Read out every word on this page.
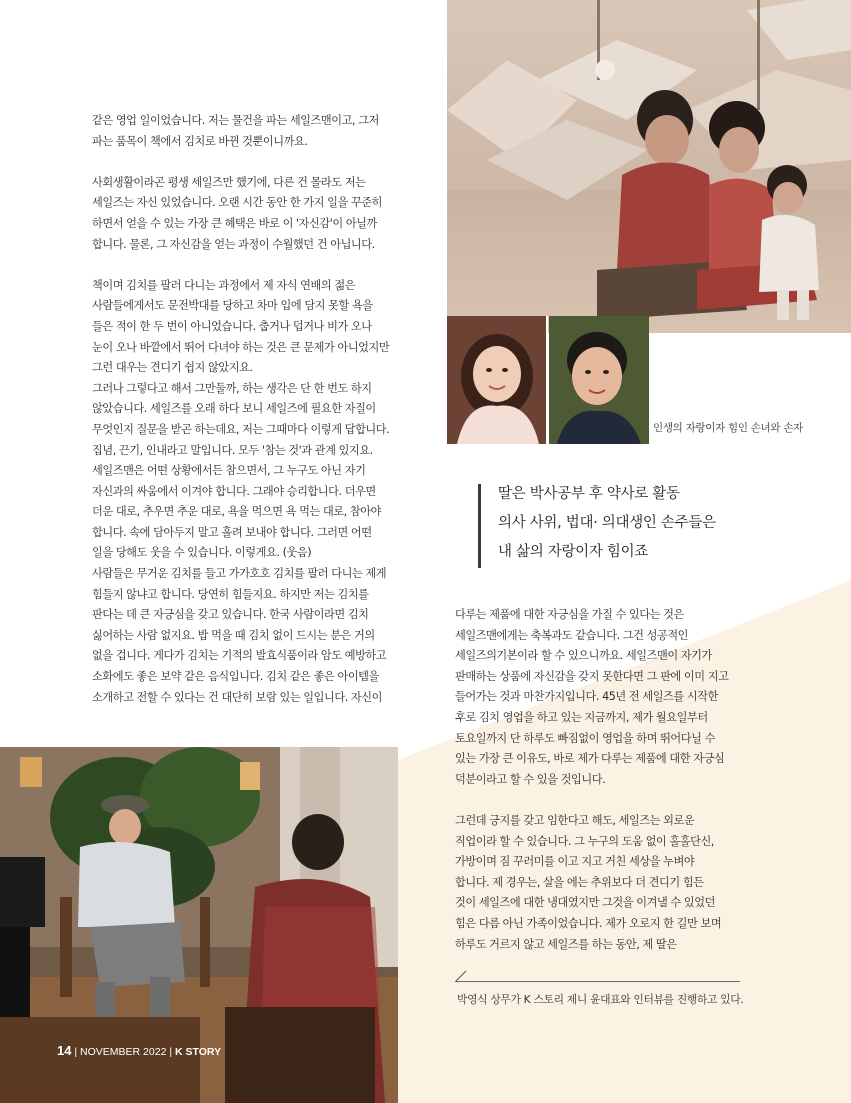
같은 영업 일이었습니다. 저는 물건을 파는 세일즈맨이고, 그저
파는 품목이 책에서 김치로 바뀐 것뿐이니까요.

사회생활이라곤 평생 세일즈만 했기에, 다른 건 몰라도 저는
세일즈는 자신 있었습니다. 오랜 시간 동안 한 가지 일을 꾸준히
하면서 얻을 수 있는 가장 큰 혜택은 바로 이 '자신감'이 아닐까
합니다. 물론, 그 자신감을 얻는 과정이 수월했던 건 아닙니다.

책이며 김치를 팔러 다니는 과정에서 제 자식 연배의 젊은
사람들에게서도 문전박대를 당하고 차마 입에 담지 못할 욕을
들은 적이 한 두 번이 아니었습니다. 춥거나 덥거나 비가 오나
눈이 오나 바깥에서 뛰어 다녀야 하는 것은 큰 문제가 아니었지만
그런 대우는 견디기 쉽지 않았지요.
그러나 그렇다고 해서 그만둘까, 하는 생각은 단 한 번도 하지
않았습니다. 세일즈를 오래 하다 보니 세일즈에 필요한 자질이
무엇인지 질문을 받곤 하는데요, 저는 그때마다 이렇게 답합니다.
집념, 끈기, 인내라고 말입니다. 모두 '참는 것'과 관계 있지요.
세일즈맨은 어떤 상황에서든 참으면서, 그 누구도 아닌 자기
자신과의 싸움에서 이겨야 합니다. 그래야 승리합니다. 더우면
더운 대로, 추우면 추운 대로, 욕을 먹으면 욕 먹는 대로, 참아야
합니다. 속에 담아두지 말고 흘려 보내야 합니다. 그러면 어떤
일을 당해도 웃을 수 있습니다. 이렇게요. (웃음)
사람들은 무거운 김치를 들고 가가호호 김치를 팔러 다니는 제게
힘들지 않냐고 합니다. 당연히 힘들지요. 하지만 저는 김치를
판다는 데 큰 자긍심을 갖고 있습니다. 한국 사람이라면 김치
싫어하는 사람 없지요. 밥 먹을 때 김치 없이 드시는 분은 거의
없을 겁니다. 게다가 김치는 기적의 발효식품이라 암도 예방하고
소화에도 좋은 보약 같은 음식입니다. 김치 같은 좋은 아이템을
소개하고 전할 수 있다는 건 대단히 보람 있는 일입니다. 자신이

인생의 자랑이자 힘인 손녀와 손자
딸은 박사공부 후 약사로 활동
의사 사위, 법대· 의대생인 손주들은
내 삶의 자랑이자 힘이죠

다루는 제품에 대한 자긍심을 가질 수 있다는 것은
세일즈맨에게는 축복과도 같습니다. 그건 성공적인
세일즈의기본이라 할 수 있으니까요. 세일즈맨이 자기가
판매하는 상품에 자신감을 갖지 못한다면 그 판에 이미 지고
들어가는 것과 마찬가지입니다. 45년 전 세일즈를 시작한
후로 김치 영업을 하고 있는 지금까지, 제가 월요일부터
토요일까지 단 하루도 빠짐없이 영업을 하며 뛰어다닐 수
있는 가장 큰 이유도, 바로 제가 다루는 제품에 대한 자긍심
덕분이라고 할 수 있을 것입니다.

그런데 긍지를 갖고 임한다고 해도, 세일즈는 외로운
직업이라 할 수 있습니다. 그 누구의 도움 없이 홀홀단신,
가방이며 짐 꾸러미를 이고 지고 거친 세상을 누벼야
합니다. 제 경우는, 살을 에는 추위보다 더 견디기 힘든
것이 세일즈에 대한 냉대였지만 그것을 이겨낼 수 있었던
힘은 다름 아닌 가족이었습니다. 제가 오로지 한 길만 보며
하루도 거르지 않고 세일즈를 하는 동안, 제 딸은

박영식 상무가 K 스토리 제니 윤대표와 인터뷰를 진행하고 있다.
14 | NOVEMBER 2022 | K STORY
